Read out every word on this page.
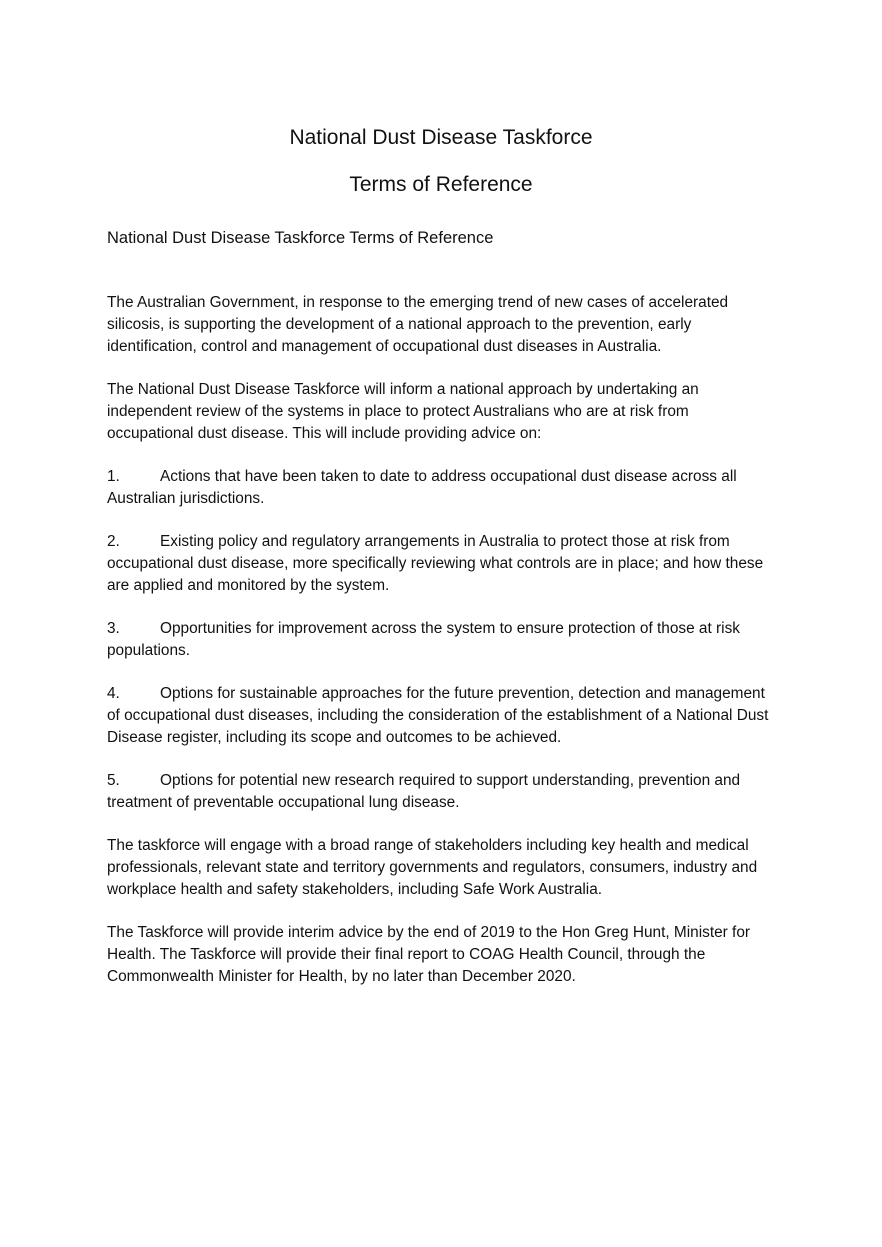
National Dust Disease Taskforce
Terms of Reference
National Dust Disease Taskforce Terms of Reference

The Australian Government, in response to the emerging trend of new cases of accelerated silicosis, is supporting the development of a national approach to the prevention, early identification, control and management of occupational dust diseases in Australia.

The National Dust Disease Taskforce will inform a national approach by undertaking an independent review of the systems in place to protect Australians who are at risk from occupational dust disease. This will include providing advice on:

1.	Actions that have been taken to date to address occupational dust disease across all Australian jurisdictions.

2.	Existing policy and regulatory arrangements in Australia to protect those at risk from occupational dust disease, more specifically reviewing what controls are in place; and how these are applied and monitored by the system.

3.	Opportunities for improvement across the system to ensure protection of those at risk populations.

4.	Options for sustainable approaches for the future prevention, detection and management of occupational dust diseases, including the consideration of the establishment of a National Dust Disease register, including its scope and outcomes to be achieved.

5.	Options for potential new research required to support understanding, prevention and treatment of preventable occupational lung disease.

The taskforce will engage with a broad range of stakeholders including key health and medical professionals, relevant state and territory governments and regulators, consumers, industry and workplace health and safety stakeholders, including Safe Work Australia.

The Taskforce will provide interim advice by the end of 2019 to the Hon Greg Hunt, Minister for Health. The Taskforce will provide their final report to COAG Health Council, through the Commonwealth Minister for Health, by no later than December 2020.
